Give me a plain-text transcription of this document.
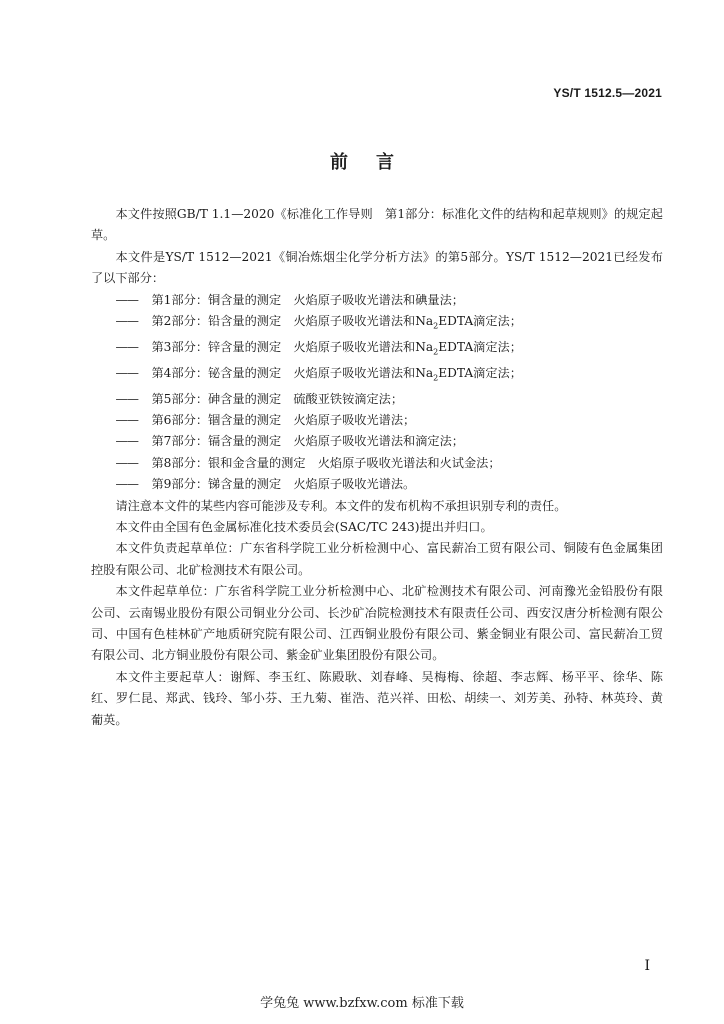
YS/T 1512.5—2021
前言

本文件按照GB/T 1.1—2020《标准化工作导则　第1部分：标准化文件的结构和起草规则》的规定起草。

本文件是YS/T 1512—2021《铜冶炼烟尘化学分析方法》的第5部分。YS/T 1512—2021已经发布了以下部分：

—— 第1部分：铜含量的测定　火焰原子吸收光谱法和碘量法；
—— 第2部分：铅含量的测定　火焰原子吸收光谱法和$Na_2EDTA$滴定法；
—— 第3部分：锌含量的测定　火焰原子吸收光谱法和$Na_2EDTA$滴定法；
—— 第4部分：铋含量的测定　火焰原子吸收光谱法和$Na_2EDTA$滴定法；
—— 第5部分：砷含量的测定　硫酸亚铁铵滴定法；
—— 第6部分：锢含量的测定　火焰原子吸收光谱法；
—— 第7部分：镉含量的测定　火焰原子吸收光谱法和滴定法；
—— 第8部分：银和金含量的测定　火焰原子吸收光谱法和火试金法；
—— 第9部分：锑含量的测定　火焰原子吸收光谱法。

请注意本文件的某些内容可能涉及专利。本文件的发布机构不承担识别专利的责任。

本文件由全国有色金属标准化技术委员会(SAC/TC 243)提出并归口。

本文件负责起草单位：广东省科学院工业分析检测中心、富民薪冶工贸有限公司、铜陵有色金属集团控股有限公司、北矿检测技术有限公司。

本文件起草单位：广东省科学院工业分析检测中心、北矿检测技术有限公司、河南豫光金铅股份有限公司、云南锡业股份有限公司铜业分公司、长沙矿冶院检测技术有限责任公司、西安汉唐分析检测有限公司、中国有色桂林矿产地质研究院有限公司、江西铜业股份有限公司、紫金铜业有限公司、富民薪冶工贸有限公司、北方铜业股份有限公司、紫金矿业集团股份有限公司。

本文件主要起草人：谢辉、李玉红、陈殿耿、刘春峰、吴梅梅、徐超、李志辉、杨平平、徐华、陈红、罗仁昆、郑武、钱玲、邹小芬、王九菊、崔浩、范兴祥、田松、胡续一、刘芳美、孙特、林英玲、黄葡英。

I
学兔兔 www.bzfxw.com 标准下载
